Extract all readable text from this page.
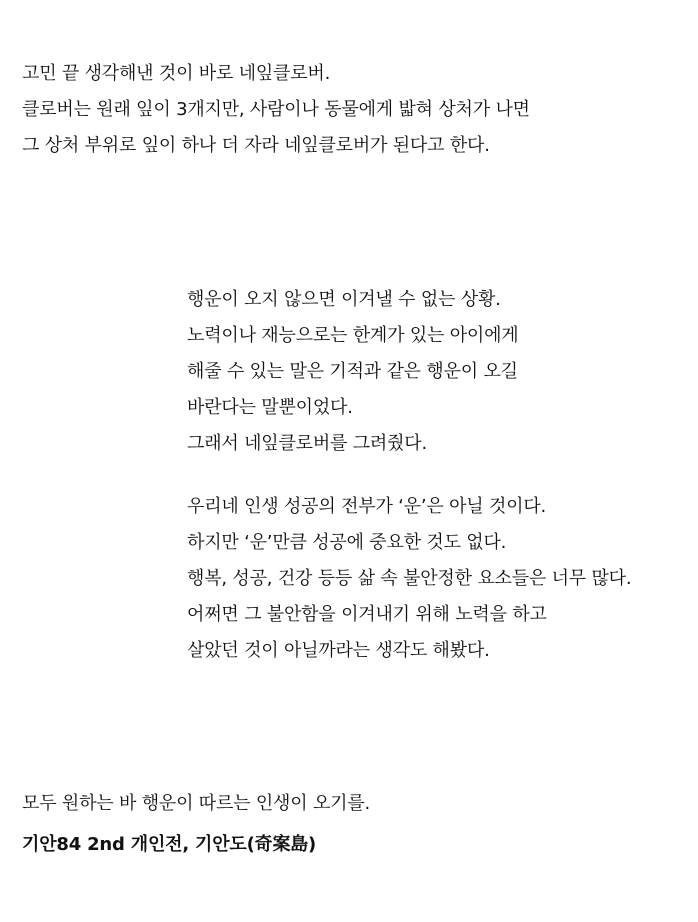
고민 끝 생각해낸 것이 바로 네잎클로버.
클로버는 원래 잎이 3개지만, 사람이나 동물에게 밟혀 상처가 나면
그 상처 부위로 잎이 하나 더 자라 네잎클로버가 된다고 한다.
행운이 오지 않으면 이겨낼 수 없는 상황.
노력이나 재능으로는 한계가 있는 아이에게
해줄 수 있는 말은 기적과 같은 행운이 오길
바란다는 말뿐이었다.
그래서 네잎클로버를 그려줬다.
우리네 인생 성공의 전부가 ‘운’은 아닐 것이다.
하지만 ‘운’만큼 성공에 중요한 것도 없다.
행복, 성공, 건강 등등 삶 속 불안정한 요소들은 너무 많다.
어쩌면 그 불안함을 이겨내기 위해 노력을 하고
살았던 것이 아닐까라는 생각도 해봤다.
모두 원하는 바 행운이 따르는 인생이 오기를.
기안84 2nd 개인전, 기안도(奇案島)
